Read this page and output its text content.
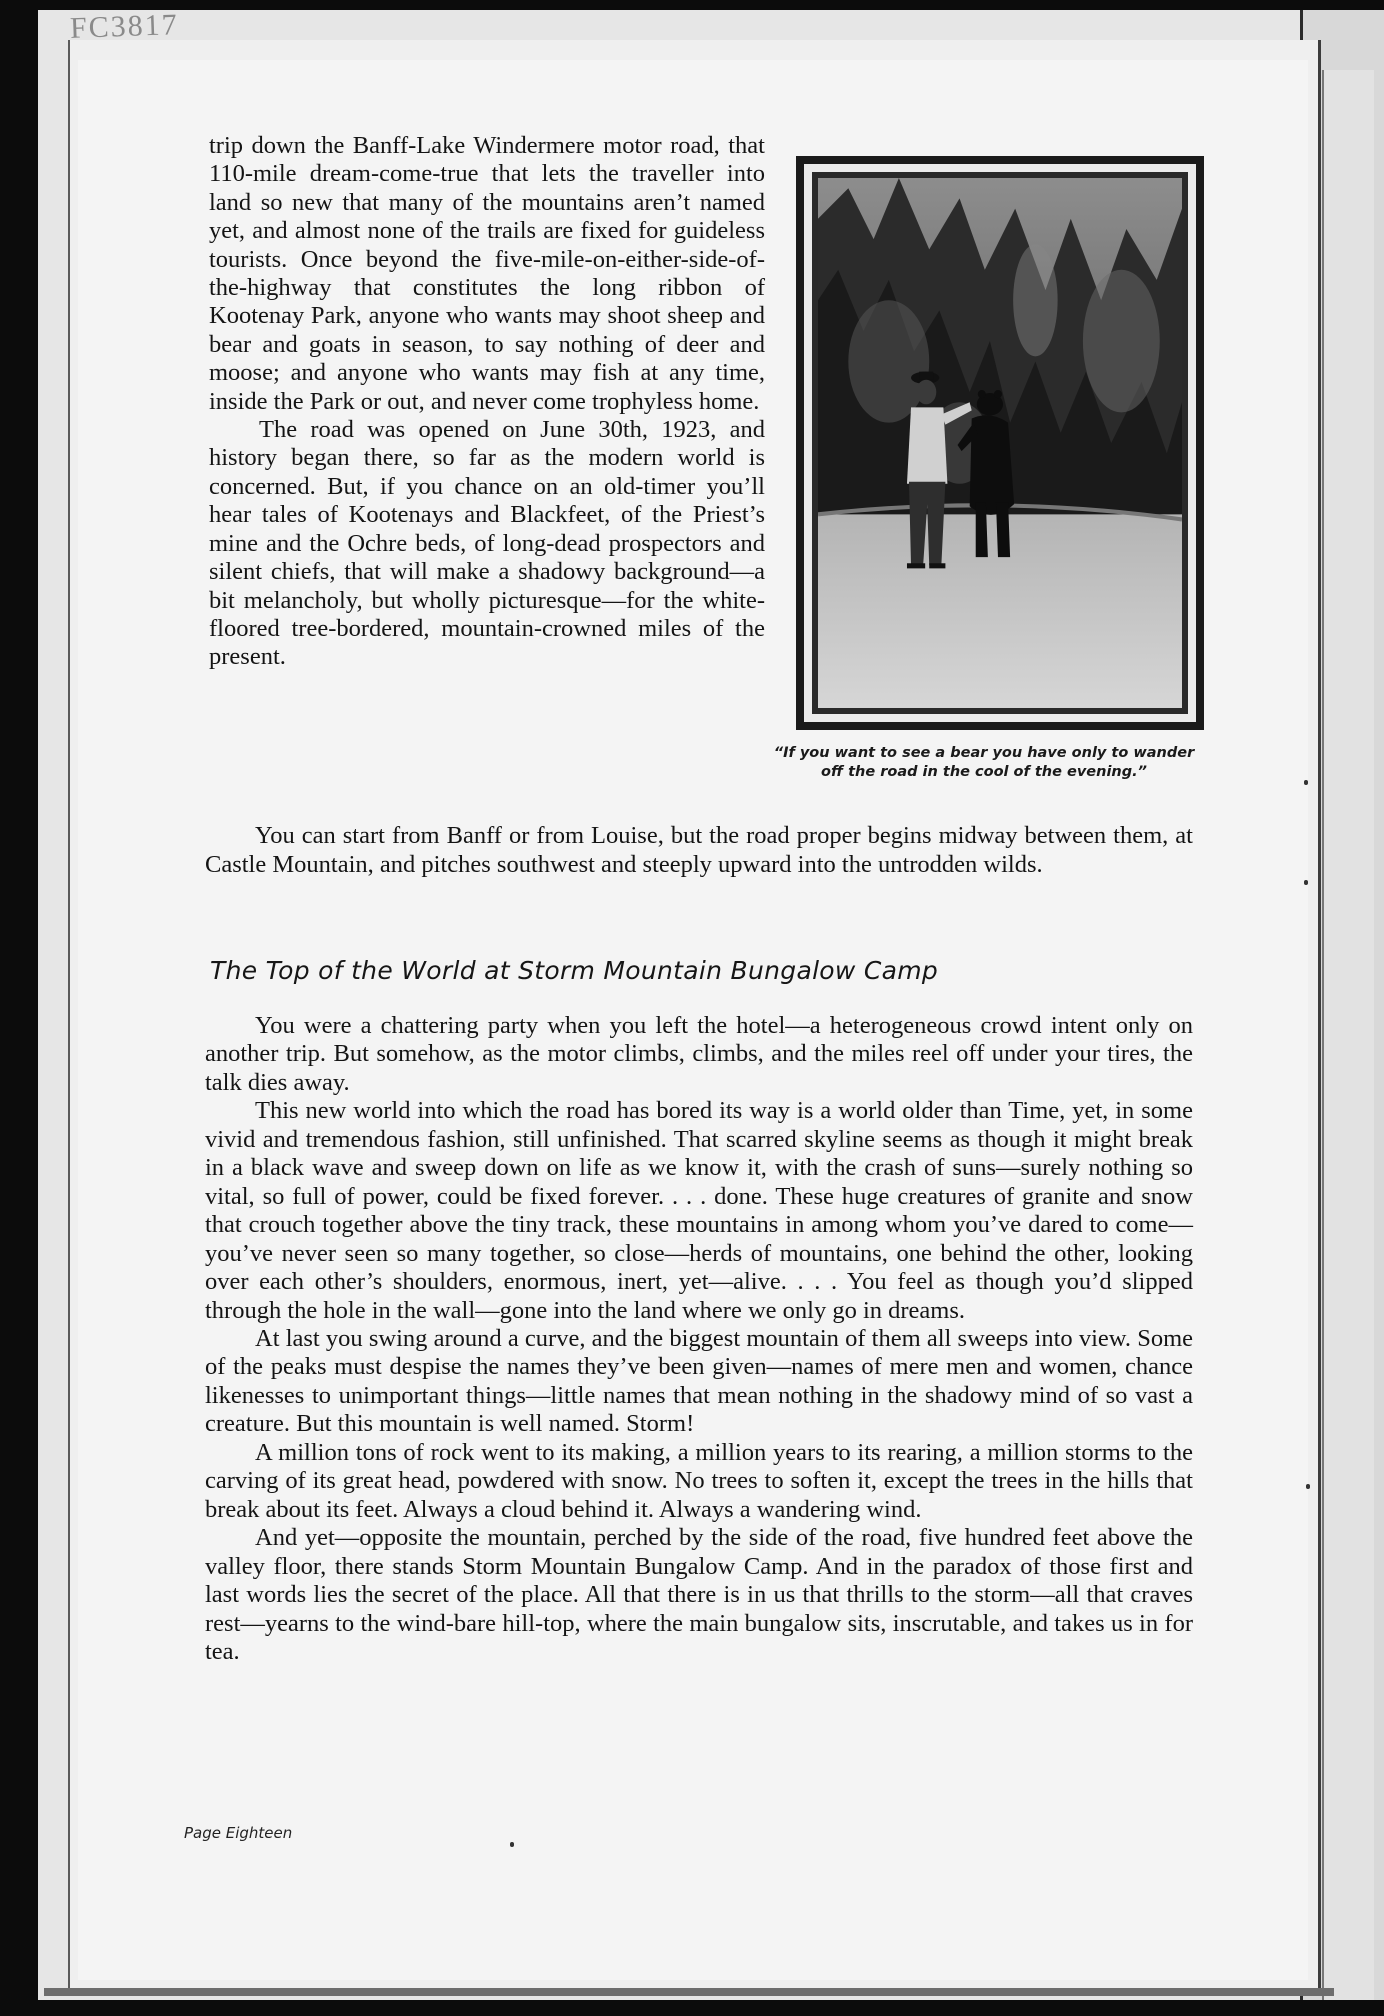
FC3817

trip down the Banff-Lake Windermere motor road, that 110-mile dream-come-true that lets the traveller into land so new that many of the mountains aren’t named yet, and almost none of the trails are fixed for guideless tourists. Once beyond the five-mile-on-either-side-of-the-highway that constitutes the long ribbon of Kootenay Park, anyone who wants may shoot sheep and bear and goats in season, to say nothing of deer and moose; and anyone who wants may fish at any time, inside the Park or out, and never come trophyless home.

The road was opened on June 30th, 1923, and history began there, so far as the modern world is concerned. But, if you chance on an old-timer you’ll hear tales of Kootenays and Blackfeet, of the Priest’s mine and the Ochre beds, of long-dead prospectors and silent chiefs, that will make a shadowy background—a bit melancholy, but wholly picturesque—for the white-floored tree-bordered, mountain-crowned miles of the present.

“If you want to see a bear you have only to wander off the road in the cool of the evening.”

You can start from Banff or from Louise, but the road proper begins midway between them, at Castle Mountain, and pitches southwest and steeply upward into the untrodden wilds.

The Top of the World at Storm Mountain Bungalow Camp

You were a chattering party when you left the hotel—a heterogeneous crowd intent only on another trip. But somehow, as the motor climbs, climbs, and the miles reel off under your tires, the talk dies away.

This new world into which the road has bored its way is a world older than Time, yet, in some vivid and tremendous fashion, still unfinished. That scarred skyline seems as though it might break in a black wave and sweep down on life as we know it, with the crash of suns—surely nothing so vital, so full of power, could be fixed forever. . . . done. These huge creatures of granite and snow that crouch together above the tiny track, these mountains in among whom you’ve dared to come—you’ve never seen so many together, so close—herds of mountains, one behind the other, looking over each other’s shoulders, enormous, inert, yet—alive. . . . You feel as though you’d slipped through the hole in the wall—gone into the land where we only go in dreams.

At last you swing around a curve, and the biggest mountain of them all sweeps into view. Some of the peaks must despise the names they’ve been given—names of mere men and women, chance likenesses to unimportant things—little names that mean nothing in the shadowy mind of so vast a creature. But this mountain is well named. Storm!

A million tons of rock went to its making, a million years to its rearing, a million storms to the carving of its great head, powdered with snow. No trees to soften it, except the trees in the hills that break about its feet. Always a cloud behind it. Always a wandering wind.

And yet—opposite the mountain, perched by the side of the road, five hundred feet above the valley floor, there stands Storm Mountain Bungalow Camp. And in the paradox of those first and last words lies the secret of the place. All that there is in us that thrills to the storm—all that craves rest—yearns to the wind-bare hill-top, where the main bungalow sits, inscrutable, and takes us in for tea.

Page Eighteen
